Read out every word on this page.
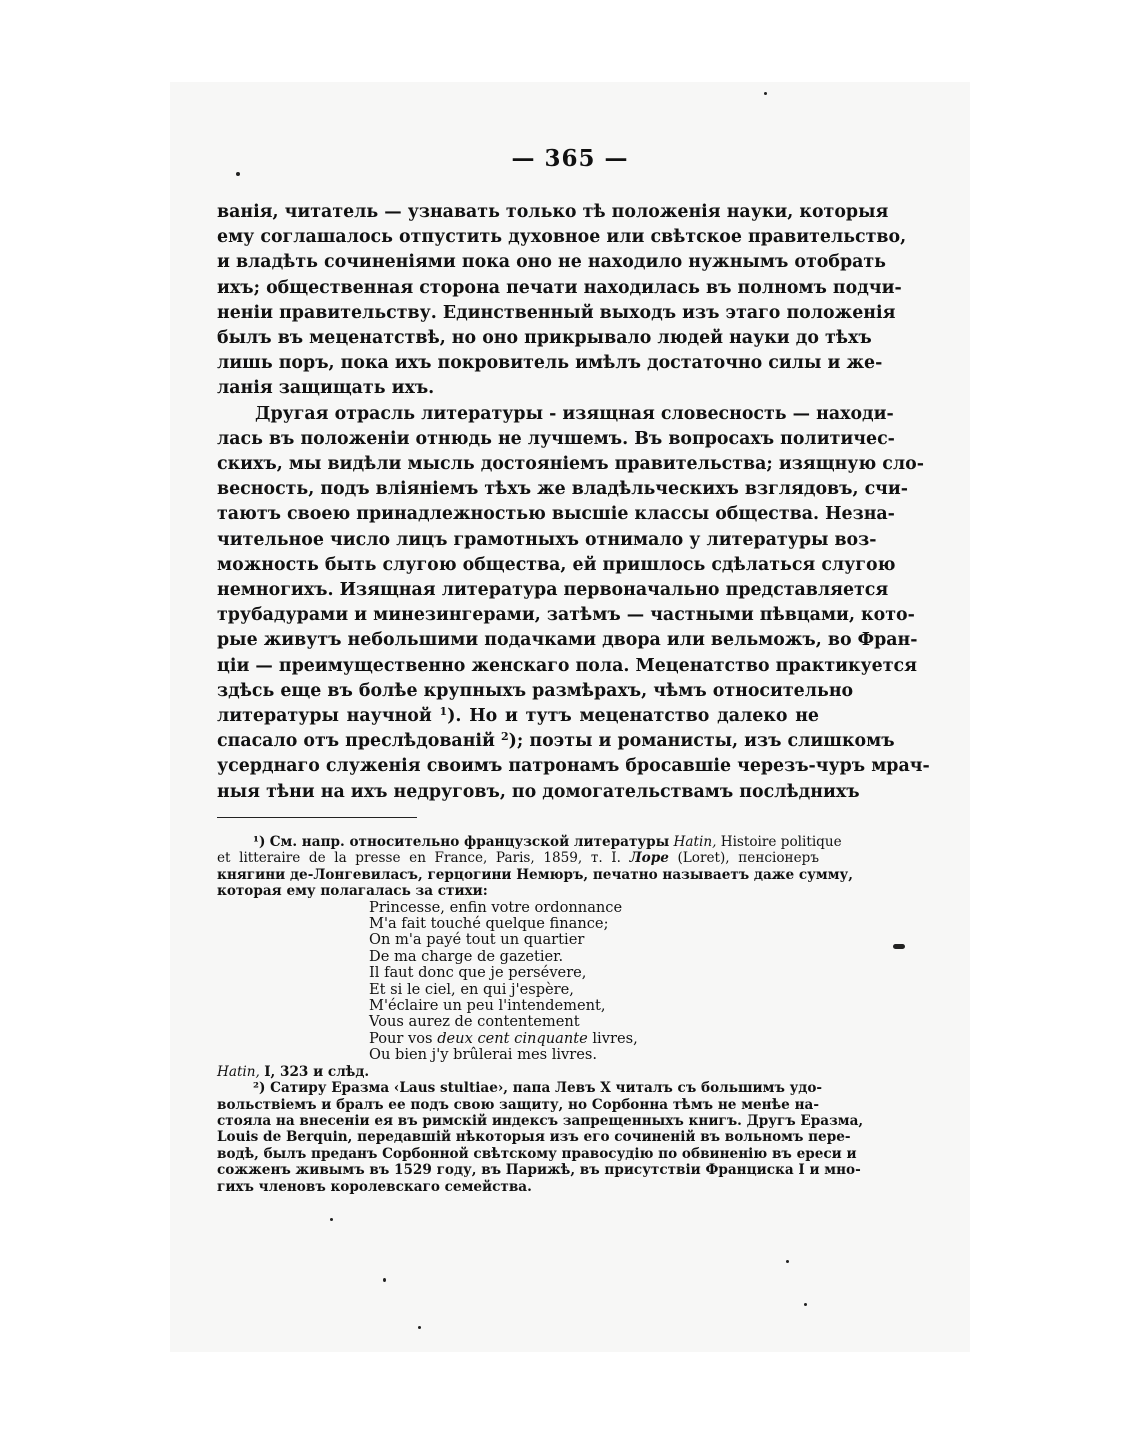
— 365 —
ванія, читатель — узнавать только тѣ положенія науки, которыя
ему соглашалось отпустить духовное или свѣтское правительство,
и владѣть сочиненіями пока оно не находило нужнымъ отобрать
ихъ; общественная сторона печати находилась въ полномъ подчи-
неніи правительству. Единственный выходъ изъ этаго положенія
былъ въ меценатствѣ, но оно прикрывало людей науки до тѣхъ
лишь поръ, пока ихъ покровитель имѣлъ достаточно силы и же-
ланія защищать ихъ.
Другая отрасль литературы - изящная словесность — находи-
лась въ положеніи отнюдь не лучшемъ. Въ вопросахъ политичес-
скихъ, мы видѣли мысль достояніемъ правительства; изящную сло-
весность, подъ вліяніемъ тѣхъ же владѣльческихъ взглядовъ, счи-
таютъ своею принадлежностью высшіе классы общества. Незна-
чительное число лицъ грамотныхъ отнимало у литературы воз-
можность быть слугою общества, ей пришлось сдѣлаться слугою
немногихъ. Изящная литература первоначально представляется
трубадурами и минезингерами, затѣмъ — частными пѣвцами, кото-
рые живутъ небольшими подачками двора или вельможъ, во Фран-
ціи — преимущественно женскаго пола. Меценатство практикуется
здѣсь еще въ болѣе крупныхъ размѣрахъ, чѣмъ относительно
литературы научной $^1$). Но и тутъ меценатство далеко не
спасало отъ преслѣдованій $^2$); поэты и романисты, изъ слишкомъ
усерднаго служенія своимъ патронамъ бросавшіе черезъ-чуръ мрач-
ныя тѣни на ихъ недруговъ, по домогательствамъ послѣднихъ
¹) См. напр. относительно французской литературы Hatin, Histoire politique
et litteraire de la presse en France, Paris, 1859, т. I. Лоре (Loret), пенсіонеръ
княгини де-Лонгевиласъ, герцогини Немюръ, печатно называетъ даже сумму,
которая ему полагалась за стихи:
Princesse, enfin votre ordonnance
M'a fait touché quelque finance;
On m'a payé tout un quartier
De ma charge de gazetier.
Il faut donc que je persévere,
Et si le ciel, en qui j'espère,
M'éclaire un peu l'intendement,
Vous aurez de contentement
Pour vos deux cent cinquante livres,
Ou bien j'y brûlerai mes livres.
Hatin, I, 323 и слѣд.
²) Сатиру Еразма ‹Laus stultiae›, папа Левъ X читалъ съ большимъ удо-
вольствіемъ и бралъ ее подъ свою защиту, но Сорбонна тѣмъ не менѣе на-
стояла на внесеніи ея въ римскій индексъ запрещенныхъ книгъ. Другъ Еразма,
Louis de Berquin, передавшій нѣкоторыя изъ его сочиненій въ вольномъ пере-
водѣ, былъ преданъ Сорбонной свѣтскому правосудію по обвиненію въ ереси и
сожженъ живымъ въ 1529 году, въ Парижѣ, въ присутствіи Франциска I и мно-
гихъ членовъ королевскаго семейства.
